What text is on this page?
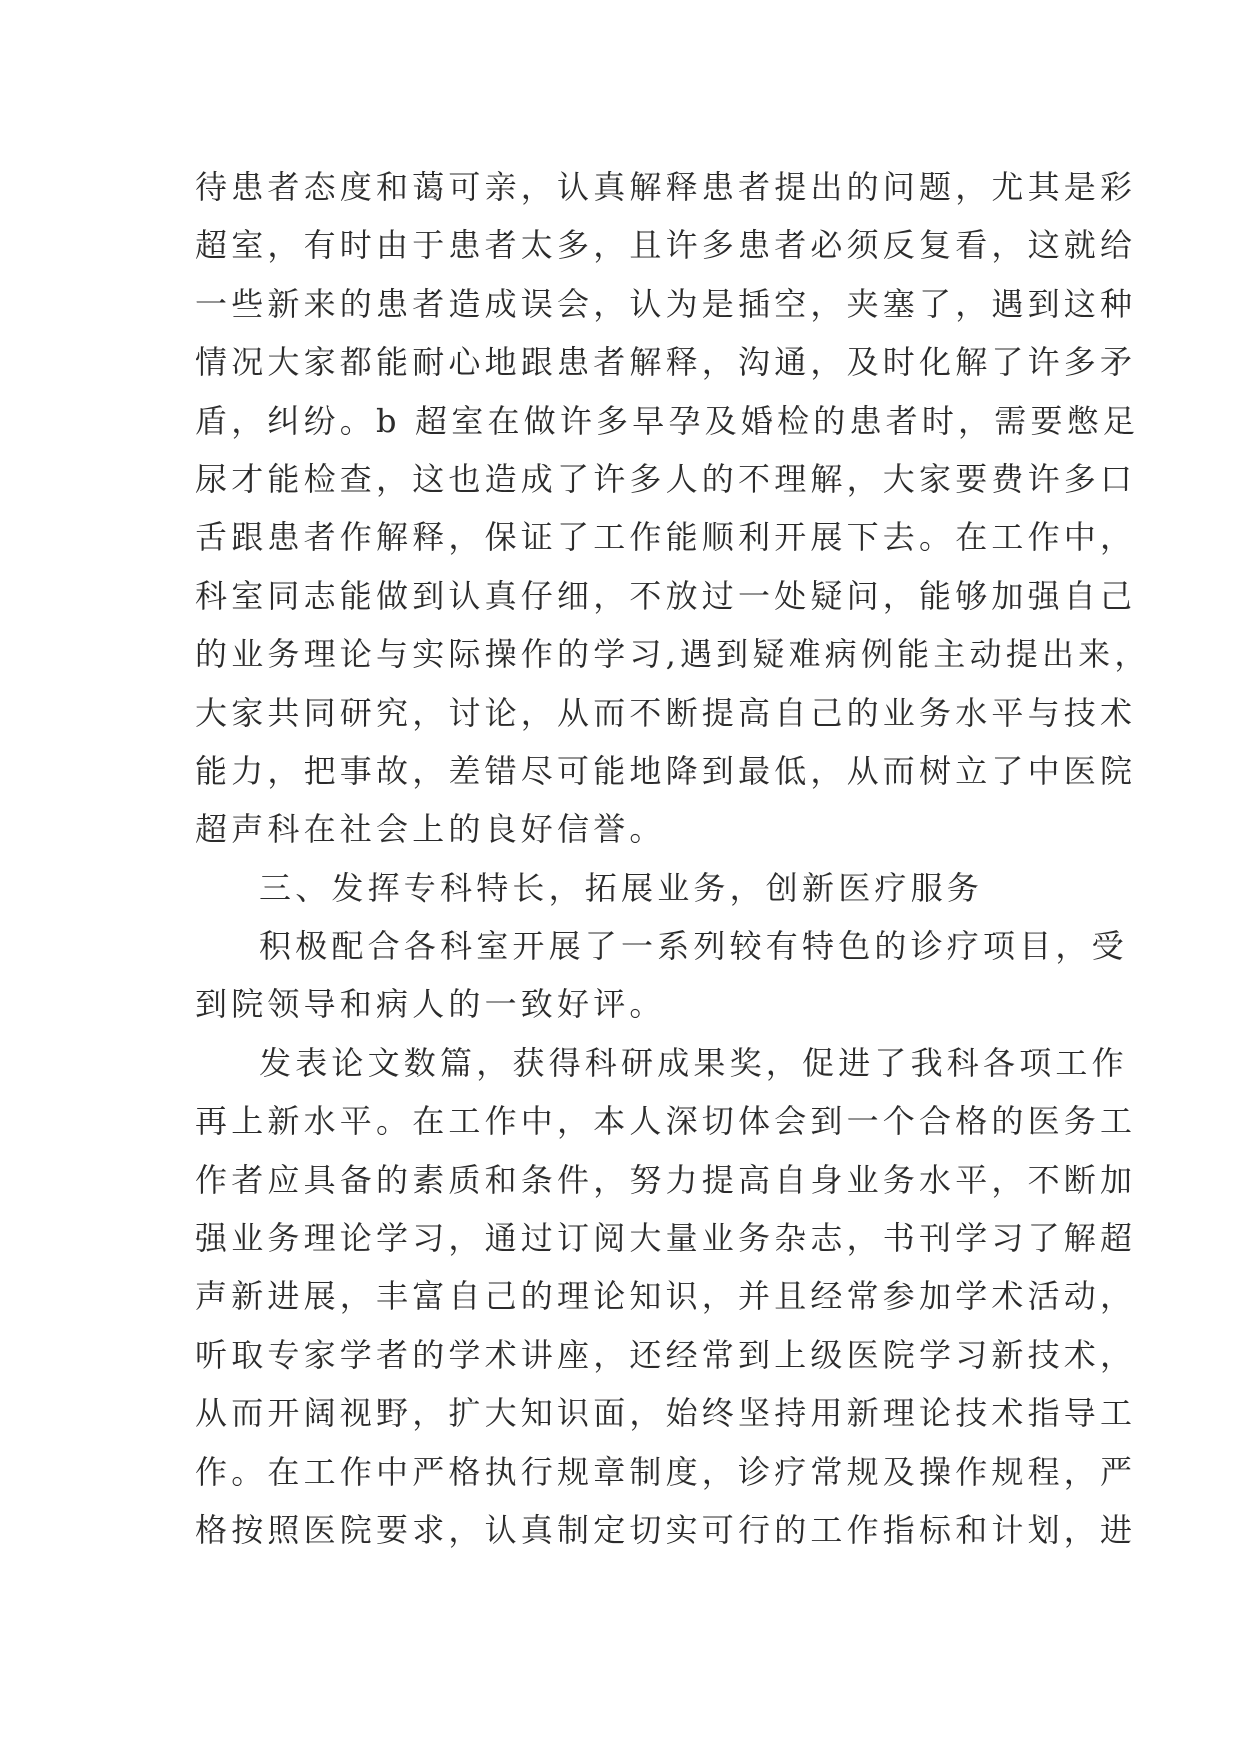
待患者态度和蔼可亲，认真解释患者提出的问题，尤其是彩
超室，有时由于患者太多，且许多患者必须反复看，这就给
一些新来的患者造成误会，认为是插空，夹塞了，遇到这种
情况大家都能耐心地跟患者解释，沟通，及时化解了许多矛
盾，纠纷。b 超室在做许多早孕及婚检的患者时，需要憋足
尿才能检查，这也造成了许多人的不理解，大家要费许多口
舌跟患者作解释，保证了工作能顺利开展下去。在工作中，
科室同志能做到认真仔细，不放过一处疑问，能够加强自己
的业务理论与实际操作的学习,遇到疑难病例能主动提出来，
大家共同研究，讨论，从而不断提高自己的业务水平与技术
能力，把事故，差错尽可能地降到最低，从而树立了中医院
超声科在社会上的良好信誉。
三、发挥专科特长，拓展业务，创新医疗服务
积极配合各科室开展了一系列较有特色的诊疗项目，受
到院领导和病人的一致好评。
发表论文数篇，获得科研成果奖，促进了我科各项工作
再上新水平。在工作中，本人深切体会到一个合格的医务工
作者应具备的素质和条件，努力提高自身业务水平，不断加
强业务理论学习，通过订阅大量业务杂志，书刊学习了解超
声新进展，丰富自己的理论知识，并且经常参加学术活动，
听取专家学者的学术讲座，还经常到上级医院学习新技术，
从而开阔视野，扩大知识面，始终坚持用新理论技术指导工
作。在工作中严格执行规章制度，诊疗常规及操作规程，严
格按照医院要求，认真制定切实可行的工作指标和计划，进
